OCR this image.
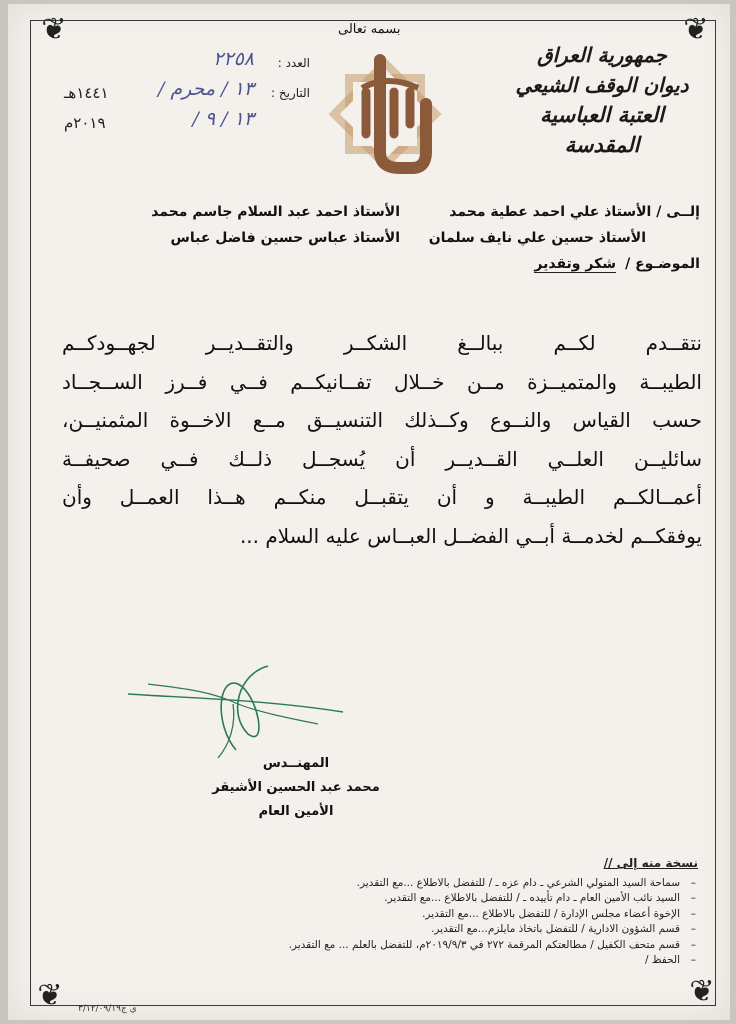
❦	❦
❦	❦
بسمه تعالى
جمهورية العراق
ديوان الوقف الشيعي
العتبة العباسية المقدسة
العدد :
٢٢٥٨
التاريخ :
١٣ / محرم /
١٤٤١هـ
١٣ / ٩ /
٢٠١٩م
إلــى / الأستاذ علي احمد عطية محمد
الأستاذ احمد عبد السلام جاسم محمد
الأستاذ حسين علي نايف سلمان
الأستاذ عباس حسين فاضل عباس
الموضـوع /
شكر وتقدير

نتقــدم لكــم ببالــغ الشكــر والتقــديــر لجهــودكــم

الطيبــة والمتميــزة مــن خــلال تفــانيكــم فــي فــرز الســجــاد

حسب القياس والنــوع وكــذلك التنسيــق مــع الاخــوة المثمنيــن،

سائليــن العلــي القــديــر أن يُسجــل ذلــك فــي صحيفــة

أعمــالكــم الطيبــة و أن يتقبــل منكــم هــذا العمــل وأن

يوفقكــم لخدمــة أبــي الفضــل العبــاس عليه السلام ...

المهنــدس
محمد عبد الحسين الأشيقر
الأمين العام
نسخة منه إلى //
– سماحة السيد المتولي الشرعي ـ دام عزه ـ / للتفضل بالاطلاع ...مع التقدير.
– السيد نائب الأمين العام ـ دام تأييده ـ / للتفضل بالاطلاع ...مع التقدير.
– الإخوة أعضاء مجلس الإدارة / للتفضل بالاطلاع ...مع التقدير.
– قسم الشؤون الادارية / للتفضل باتخاذ مايلزم...مع التقدير.
– قسم متحف الكفيل / مطالعتكم المرقمة ٢٧٢ في ٢٠١٩/٩/٣م، للتفضل بالعلم ... مع التقدير.
– الحفظ /
ي ج٣/١٢/٠٩/١٩
